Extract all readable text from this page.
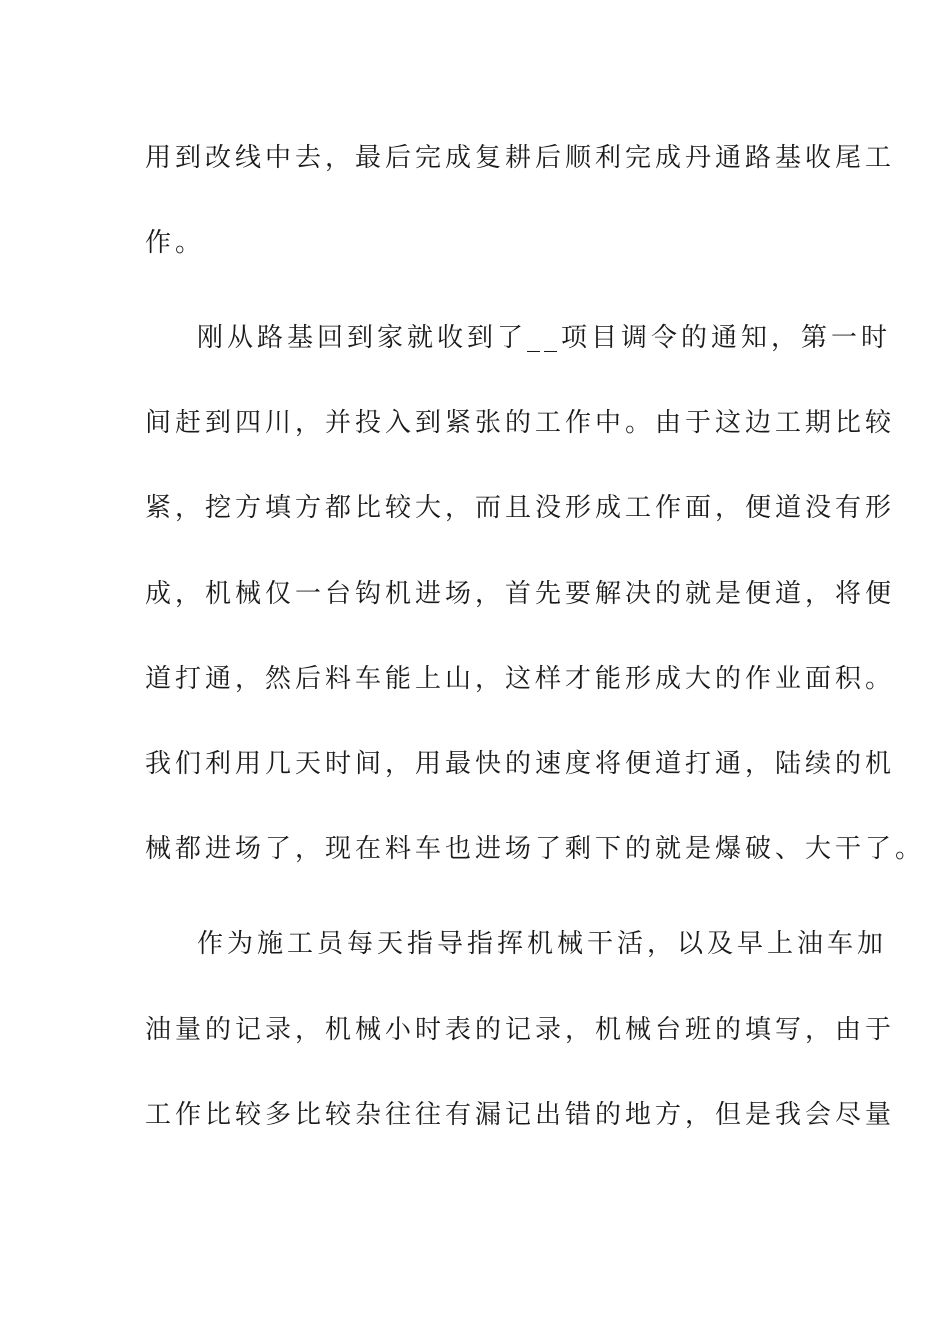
用到改线中去，最后完成复耕后顺利完成丹通路基收尾工
作。
刚从路基回到家就收到了__项目调令的通知，第一时
间赶到四川，并投入到紧张的工作中。由于这边工期比较
紧，挖方填方都比较大，而且没形成工作面，便道没有形
成，机械仅一台钩机进场，首先要解决的就是便道，将便
道打通，然后料车能上山，这样才能形成大的作业面积。
我们利用几天时间，用最快的速度将便道打通，陆续的机
械都进场了，现在料车也进场了剩下的就是爆破、大干了。
作为施工员每天指导指挥机械干活，以及早上油车加
油量的记录，机械小时表的记录，机械台班的填写，由于
工作比较多比较杂往往有漏记出错的地方，但是我会尽量
